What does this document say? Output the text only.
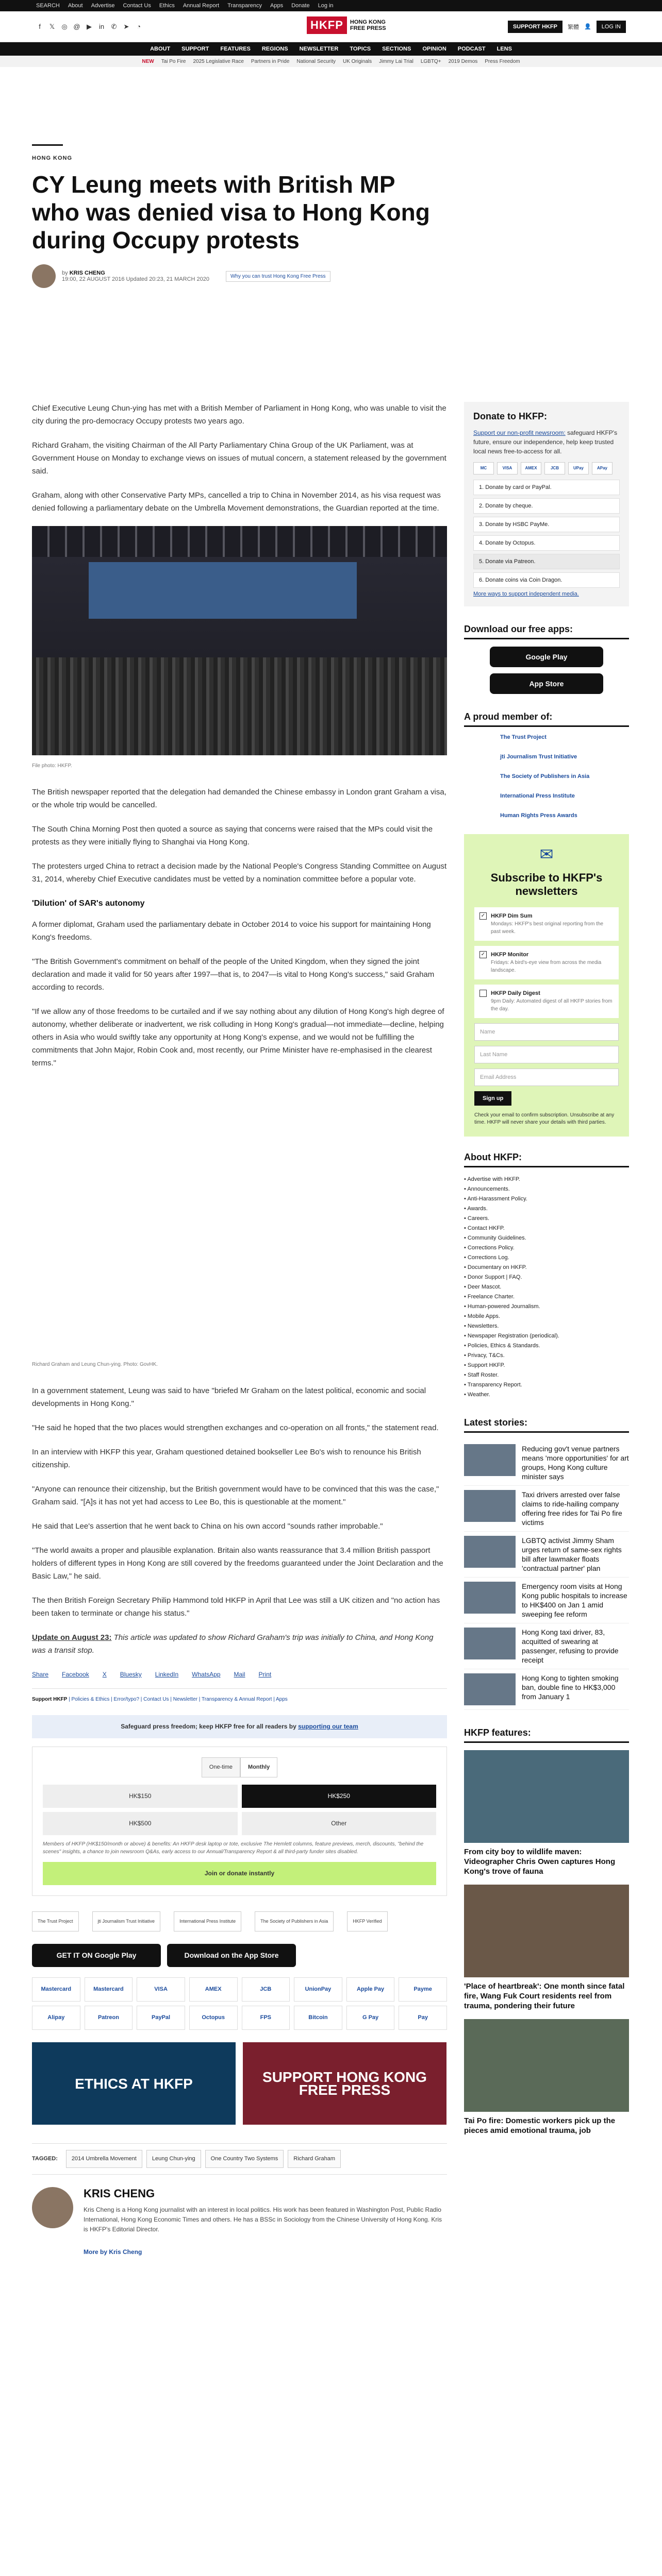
SEARCH About Advertise Contact Us Ethics Annual Report Transparency Apps Donate Log in
f	𝕏 ◎ @ ▶ in ✆ ➤ ◔	HKFP	HONG KONG
FREE PRESS	SUPPORT HKFP	繁體 👤	LOG IN
ABOUT SUPPORT FEATURES REGIONS NEWSLETTER TOPICS SECTIONS OPINION PODCAST LENS
NEW Tai Po Fire 2025 Legislative Race Partners in Pride National Security UK Originals Jimmy Lai Trial LGBTQ+ 2019 Demos Press Freedom
HONG KONG
CY Leung meets with British MP who was denied visa to Hong Kong during Occupy protests
by KRIS CHENG
19:00, 22 AUGUST 2016 Updated 20:23, 21 MARCH 2020	Why you can trust Hong Kong Free Press

Chief Executive Leung Chun-ying has met with a British Member of Parliament in Hong Kong, who was unable to visit the city during the pro-democracy Occupy protests two years ago.

Richard Graham, the visiting Chairman of the All Party Parliamentary China Group of the UK Parliament, was at Government House on Monday to exchange views on issues of mutual concern, a statement released by the government said.

Graham, along with other Conservative Party MPs, cancelled a trip to China in November 2014, as his visa request was denied following a parliamentary debate on the Umbrella Movement demonstrations, the Guardian reported at the time.

File photo: HKFP.

The British newspaper reported that the delegation had demanded the Chinese embassy in London grant Graham a visa, or the whole trip would be cancelled.

The South China Morning Post then quoted a source as saying that concerns were raised that the MPs could visit the protests as they were initially flying to Shanghai via Hong Kong.

The protesters urged China to retract a decision made by the National People's Congress Standing Committee on August 31, 2014, whereby Chief Executive candidates must be vetted by a nomination committee before a popular vote.

'Dilution' of SAR's autonomy

A former diplomat, Graham used the parliamentary debate in October 2014 to voice his support for maintaining Hong Kong's freedoms.

"The British Government's commitment on behalf of the people of the United Kingdom, when they signed the joint declaration and made it valid for 50 years after 1997—that is, to 2047—is vital to Hong Kong's success," said Graham according to records.

"If we allow any of those freedoms to be curtailed and if we say nothing about any dilution of Hong Kong's high degree of autonomy, whether deliberate or inadvertent, we risk colluding in Hong Kong's gradual—not immediate—decline, helping others in Asia who would swiftly take any opportunity at Hong Kong's expense, and we would not be fulfilling the commitments that John Major, Robin Cook and, most recently, our Prime Minister have re-emphasised in the clearest terms."

Richard Graham and Leung Chun-ying. Photo: GovHK.

In a government statement, Leung was said to have "briefed Mr Graham on the latest political, economic and social developments in Hong Kong."

"He said he hoped that the two places would strengthen exchanges and co-operation on all fronts," the statement read.

In an interview with HKFP this year, Graham questioned detained bookseller Lee Bo's wish to renounce his British citizenship.

"Anyone can renounce their citizenship, but the British government would have to be convinced that this was the case," Graham said. "[A]s it has not yet had access to Lee Bo, this is questionable at the moment."

He said that Lee's assertion that he went back to China on his own accord "sounds rather improbable."

"The world awaits a proper and plausible explanation. Britain also wants reassurance that 3.4 million British passport holders of different types in Hong Kong are still covered by the freedoms guaranteed under the Joint Declaration and the Basic Law," he said.

The then British Foreign Secretary Philip Hammond told HKFP in April that Lee was still a UK citizen and "no action has been taken to terminate or change his status."

Update on August 23: This article was updated to show Richard Graham's trip was initially to China, and Hong Kong was a transit stop.

Share Facebook X Bluesky LinkedIn WhatsApp Mail Print
Support HKFP | Policies & Ethics | Error/typo? | Contact Us | Newsletter | Transparency & Annual Report | Apps
Safeguard press freedom; keep HKFP free for all readers by supporting our team
One-time	Monthly
HK$150	HK$250
HK$500	Other
Members of HKFP (HK$150/month or above) & benefits: An HKFP desk laptop or tote, exclusive The Hemlett columns, feature previews, merch, discounts, "behind the scenes" insights, a chance to join newsroom Q&As, early access to our Annual/Transparency Report & all third-party funder sites disabled.
Join or donate instantly
The Trust Project	jti Journalism Trust Initiative	International Press Institute	The Society of Publishers in Asia	HKFP Verified
GET IT ON Google Play	Download on the App Store
Mastercard	Mastercard	VISA	AMEX	JCB	UnionPay	Apple Pay	Payme
Alipay	Patreon	PayPal	Octopus	FPS	Bitcoin	G Pay	Pay
ETHICS AT HKFP	SUPPORT HONG KONG FREE PRESS
TAGGED:	2014 Umbrella Movement	Leung Chun-ying	One Country Two Systems	Richard Graham
KRIS CHENG

Kris Cheng is a Hong Kong journalist with an interest in local politics. His work has been featured in Washington Post, Public Radio International, Hong Kong Economic Times and others. He has a BSSc in Sociology from the Chinese University of Hong Kong. Kris is HKFP's Editorial Director.

More by Kris Cheng
Donate to HKFP:
Support our non-profit newsroom: safeguard HKFP's future, ensure our independence, help keep trusted local news free-to-access for all.
MC	VISA	AMEX	JCB	UPay	APay
1. Donate by card or PayPal.
2. Donate by cheque.
3. Donate by HSBC PayMe.
4. Donate by Octopus.
5. Donate via Patreon.
6. Donate coins via Coin Dragon.
More ways to support independent media.
Download our free apps:
Google Play
App Store
A proud member of:
The Trust Project
jti Journalism Trust Initiative
The Society of Publishers in Asia
International Press Institute
Human Rights Press Awards
✉
Subscribe to HKFP's newsletters
✓ HKFP Dim Sum
Mondays: HKFP's best original reporting from the past week.
✓ HKFP Monitor
Fridays: A bird's-eye view from across the media landscape.
HKFP Daily Digest
9pm Daily: Automated digest of all HKFP stories from the day.
Name
Last Name
Email Address
Sign up
Check your email to confirm subscription. Unsubscribe at any time. HKFP will never share your details with third parties.
About HKFP:
• Advertise with HKFP.
• Announcements.
• Anti-Harassment Policy.
• Awards.
• Careers.
• Contact HKFP.
• Community Guidelines.
• Corrections Policy.
• Corrections Log.
• Documentary on HKFP.
• Donor Support | FAQ.
• Deer Mascot.
• Freelance Charter.
• Human-powered Journalism.
• Mobile Apps.
• Newsletters.
• Newspaper Registration (periodical).
• Policies, Ethics & Standards.
• Privacy, T&Cs.
• Support HKFP.
• Staff Roster.
• Transparency Report.
• Weather.
Latest stories:
Reducing gov't venue partners means 'more opportunities' for art groups, Hong Kong culture minister says
Taxi drivers arrested over false claims to ride-hailing company offering free rides for Tai Po fire victims
LGBTQ activist Jimmy Sham urges return of same-sex rights bill after lawmaker floats 'contractual partner' plan
Emergency room visits at Hong Kong public hospitals to increase to HK$400 on Jan 1 amid sweeping fee reform
Hong Kong taxi driver, 83, acquitted of swearing at passenger, refusing to provide receipt
Hong Kong to tighten smoking ban, double fine to HK$3,000 from January 1
HKFP features:
From city boy to wildlife maven: Videographer Chris Owen captures Hong Kong's trove of fauna
'Place of heartbreak': One month since fatal fire, Wang Fuk Court residents reel from trauma, pondering their future
Tai Po fire: Domestic workers pick up the pieces amid emotional trauma, job
